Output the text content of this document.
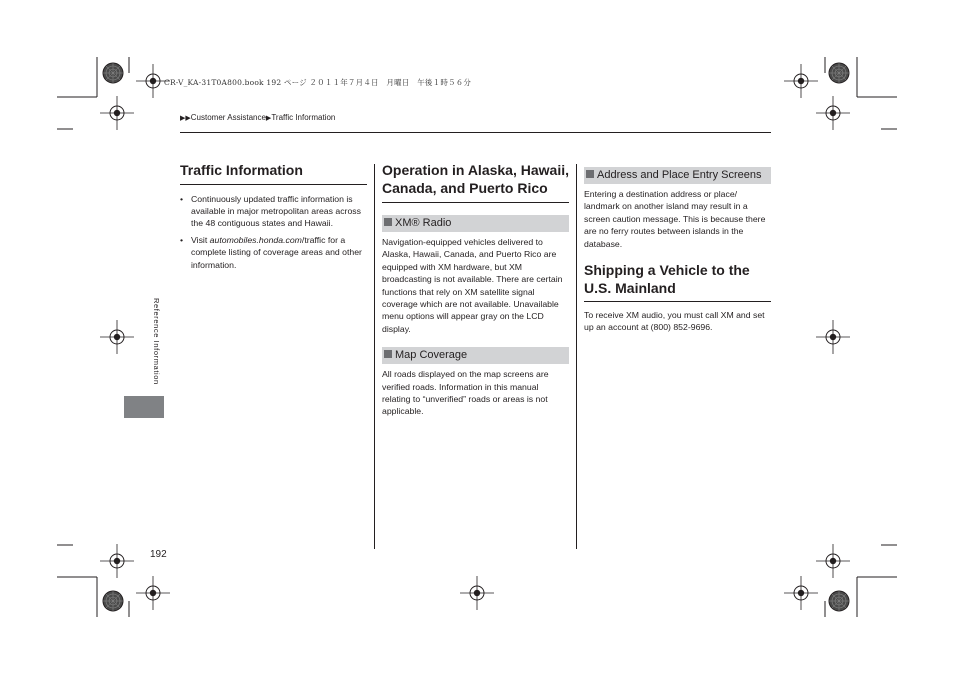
CR-V_KA-31T0A800.book 192 ページ ２０１１年７月４日　月曜日　午後１時５６分
▶▶Customer Assistance▶Traffic Information
Traffic Information
• Continuously updated traffic information is available in major metropolitan areas across the 48 contiguous states and Hawaii.
• Visit automobiles.honda.com/traffic for a complete listing of coverage areas and other information.
Operation in Alaska, Hawaii, Canada, and Puerto Rico
XM® Radio
Navigation-equipped vehicles delivered to Alaska, Hawaii, Canada, and Puerto Rico are equipped with XM hardware, but XM broadcasting is not available. There are certain functions that rely on XM satellite signal coverage which are not available. Unavailable menu options will appear gray on the LCD display.
Map Coverage
All roads displayed on the map screens are verified roads. Information in this manual relating to “unverified” roads or areas is not applicable.
Address and Place Entry Screens
Entering a destination address or place/ landmark on another island may result in a screen caution message. This is because there are no ferry routes between islands in the database.
Shipping a Vehicle to the U.S. Mainland
To receive XM audio, you must call XM and set up an account at (800) 852-9696.
Reference Information
192
